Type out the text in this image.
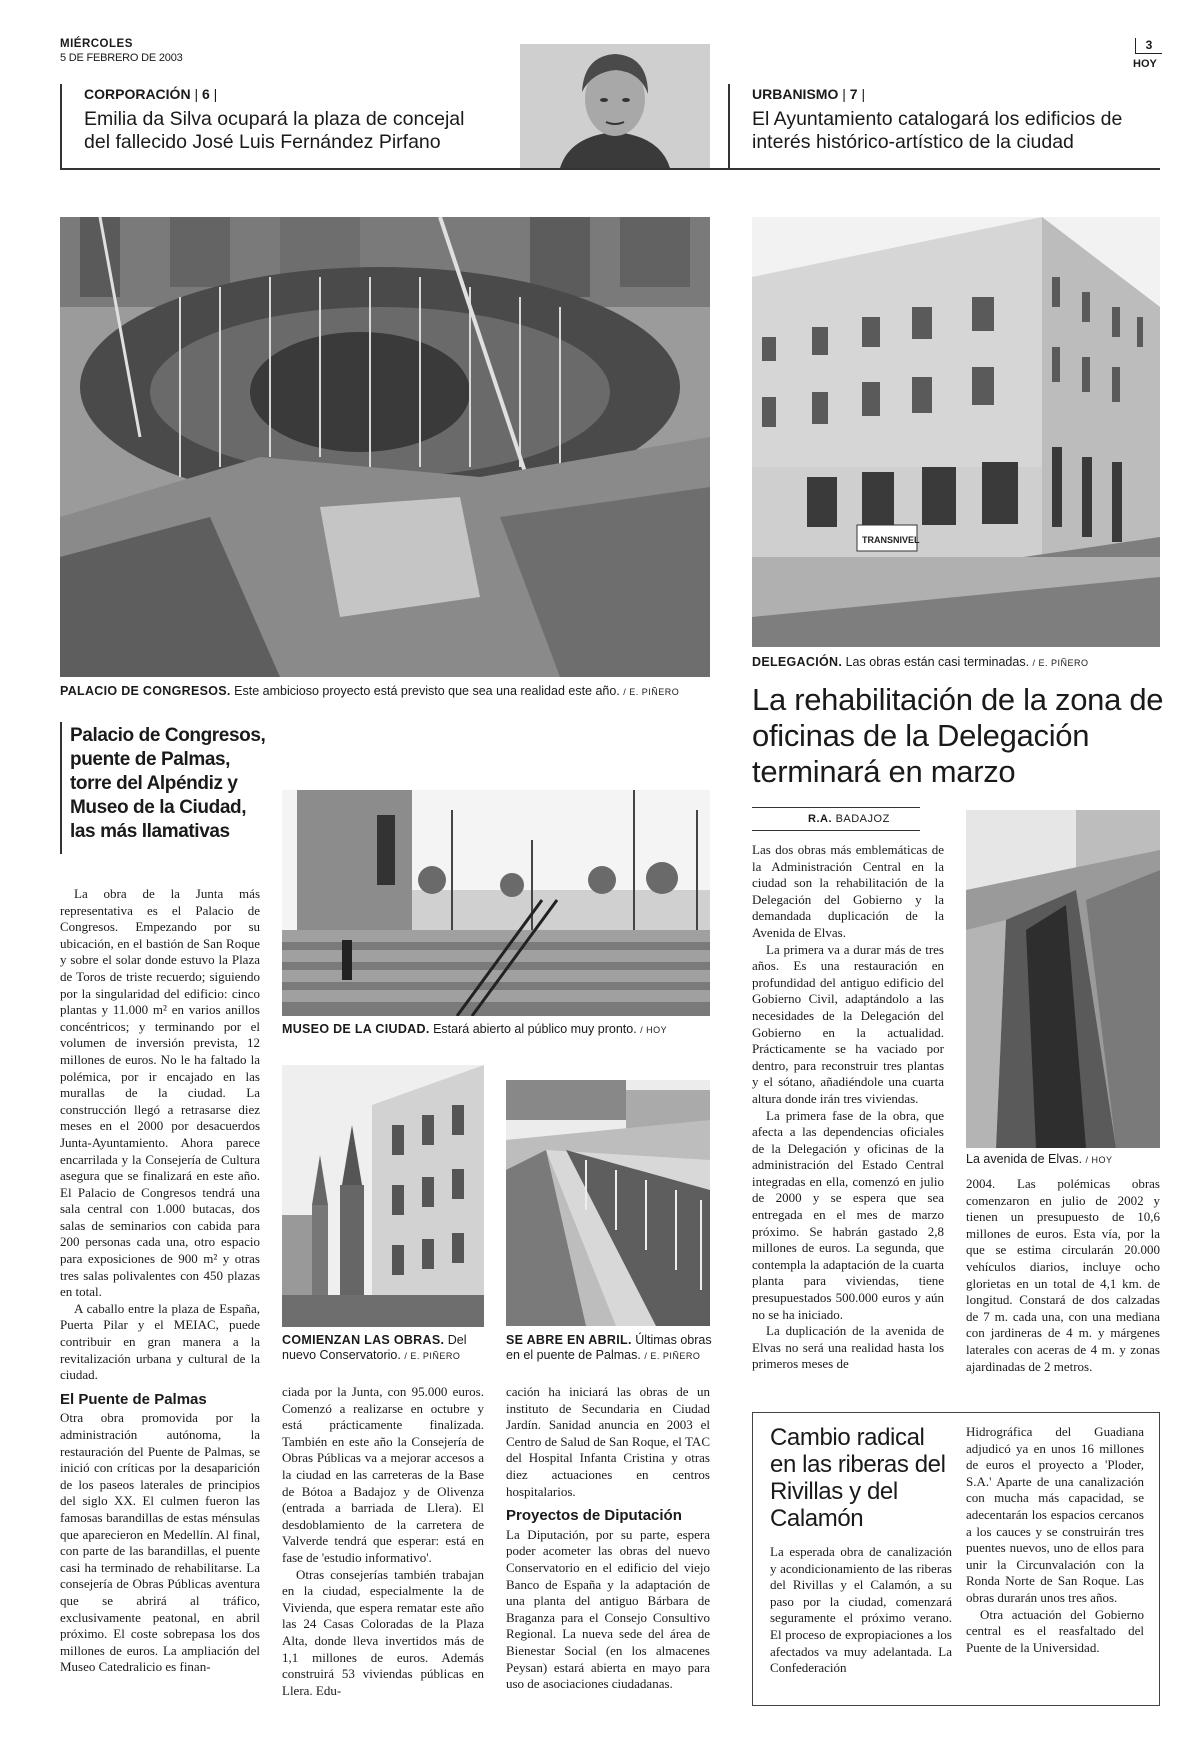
MIÉRCOLES
5 DE FEBRERO DE 2003
3
HOY
CORPORACIÓN | 6 |
Emilia da Silva ocupará la plaza de concejal del fallecido José Luis Fernández Pirfano
URBANISMO | 7 |
El Ayuntamiento catalogará los edificios de interés histórico-artístico de la ciudad
PALACIO DE CONGRESOS. Este ambicioso proyecto está previsto que sea una realidad este año. / E. PIÑERO
TRANSNIVEL
DELEGACIÓN. Las obras están casi terminadas. / E. PIÑERO
La rehabilitación de la zona de oficinas de la Delegación terminará en marzo
R.A. BADAJOZ

Las dos obras más emblemáticas de la Administración Central en la ciudad son la rehabilitación de la Delegación del Gobierno y la demandada duplicación de la Avenida de Elvas.

La primera va a durar más de tres años. Es una restauración en profundidad del antiguo edificio del Gobierno Civil, adaptándolo a las necesidades de la Delegación del Gobierno en la actualidad. Prácticamente se ha vaciado por dentro, para reconstruir tres plantas y el sótano, añadiéndole una cuarta altura donde irán tres viviendas.

La primera fase de la obra, que afecta a las dependencias oficiales de la Delegación y oficinas de la administración del Estado Central integradas en ella, comenzó en julio de 2000 y se espera que sea entregada en el mes de marzo próximo. Se habrán gastado 2,8 millones de euros. La segunda, que contempla la adaptación de la cuarta planta para viviendas, tiene presupuestados 500.000 euros y aún no se ha iniciado.

La duplicación de la avenida de Elvas no será una realidad hasta los primeros meses de

La avenida de Elvas. / HOY

2004. Las polémicas obras comenzaron en julio de 2002 y tienen un presupuesto de 10,6 millones de euros. Esta vía, por la que se estima circularán 20.000 vehículos diarios, incluye ocho glorietas en un total de 4,1 km. de longitud. Constará de dos calzadas de 7 m. cada una, con una mediana con jardineras de 4 m. y márgenes laterales con aceras de 4 m. y zonas ajardinadas de 2 metros.

Palacio de Congresos, puente de Palmas, torre del Alpéndiz y Museo de la Ciudad, las más llamativas
MUSEO DE LA CIUDAD. Estará abierto al público muy pronto. / HOY
COMIENZAN LAS OBRAS. Del nuevo Conservatorio. / E. PIÑERO
SE ABRE EN ABRIL. Últimas obras en el puente de Palmas. / E. PIÑERO

La obra de la Junta más representativa es el Palacio de Congresos. Empezando por su ubicación, en el bastión de San Roque y sobre el solar donde estuvo la Plaza de Toros de triste recuerdo; siguiendo por la singularidad del edificio: cinco plantas y 11.000 m² en varios anillos concéntricos; y terminando por el volumen de inversión prevista, 12 millones de euros. No le ha faltado la polémica, por ir encajado en las murallas de la ciudad. La construcción llegó a retrasarse diez meses en el 2000 por desacuerdos Junta-Ayuntamiento. Ahora parece encarrilada y la Consejería de Cultura asegura que se finalizará en este año. El Palacio de Congresos tendrá una sala central con 1.000 butacas, dos salas de seminarios con cabida para 200 personas cada una, otro espacio para exposiciones de 900 m² y otras tres salas polivalentes con 450 plazas en total.

A caballo entre la plaza de España, Puerta Pilar y el MEIAC, puede contribuir en gran manera a la revitalización urbana y cultural de la ciudad.

El Puente de Palmas

Otra obra promovida por la administración autónoma, la restauración del Puente de Palmas, se inició con críticas por la desaparición de los paseos laterales de principios del siglo XX. El culmen fueron las famosas barandillas de estas ménsulas que aparecieron en Medellín. Al final, con parte de las barandillas, el puente casi ha terminado de rehabilitarse. La consejería de Obras Públicas aventura que se abrirá al tráfico, exclusivamente peatonal, en abril próximo. El coste sobrepasa los dos millones de euros. La ampliación del Museo Catedralicio es finan-

ciada por la Junta, con 95.000 euros. Comenzó a realizarse en octubre y está prácticamente finalizada. También en este año la Consejería de Obras Públicas va a mejorar accesos a la ciudad en las carreteras de la Base de Bótoa a Badajoz y de Olivenza (entrada a barriada de Llera). El desdoblamiento de la carretera de Valverde tendrá que esperar: está en fase de 'estudio informativo'.

Otras consejerías también trabajan en la ciudad, especialmente la de Vivienda, que espera rematar este año las 24 Casas Coloradas de la Plaza Alta, donde lleva invertidos más de 1,1 millones de euros. Además construirá 53 viviendas públicas en Llera. Edu-

cación ha iniciará las obras de un instituto de Secundaria en Ciudad Jardín. Sanidad anuncia en 2003 el Centro de Salud de San Roque, el TAC del Hospital Infanta Cristina y otras diez actuaciones en centros hospitalarios.

Proyectos de Diputación

La Diputación, por su parte, espera poder acometer las obras del nuevo Conservatorio en el edificio del viejo Banco de España y la adaptación de una planta del antiguo Bárbara de Braganza para el Consejo Consultivo Regional. La nueva sede del área de Bienestar Social (en los almacenes Peysan) estará abierta en mayo para uso de asociaciones ciudadanas.

Cambio radical en las riberas del Rivillas y del Calamón

La esperada obra de canalización y acondicionamiento de las riberas del Rivillas y el Calamón, a su paso por la ciudad, comenzará seguramente el próximo verano. El proceso de expropiaciones a los afectados va muy adelantada. La Confederación

Hidrográfica del Guadiana adjudicó ya en unos 16 millones de euros el proyecto a 'Ploder, S.A.' Aparte de una canalización con mucha más capacidad, se adecentarán los espacios cercanos a los cauces y se construirán tres puentes nuevos, uno de ellos para unir la Circunvalación con la Ronda Norte de San Roque. Las obras durarán unos tres años.

Otra actuación del Gobierno central es el reasfaltado del Puente de la Universidad.
